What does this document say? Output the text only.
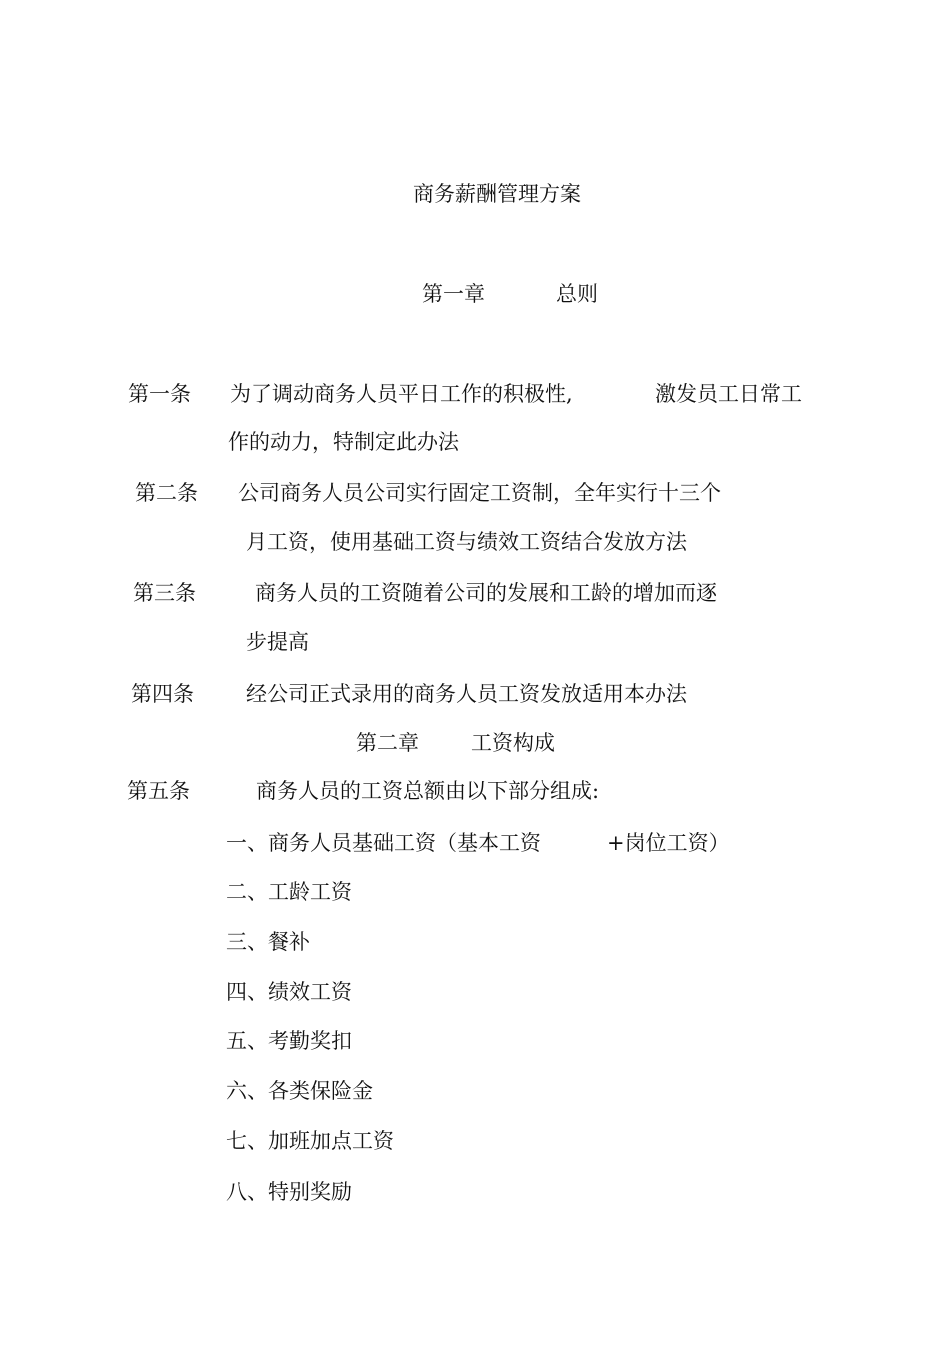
商务薪酬管理方案
第一章	总则
第一条 为了调动商务人员平日工作的积极性,	激发员工日常工
作的动力，特制定此办法
第二条 公司商务人员公司实行固定工资制，全年实行十三个
月工资，使用基础工资与绩效工资结合发放方法
第三条	商务人员的工资随着公司的发展和工龄的增加而逐
步提高
第四条 经公司正式录用的商务人员工资发放适用本办法
第二章 工资构成
第五条	商务人员的工资总额由以下部分组成:
一、商务人员基础工资（基本工资	+岗位工资）
二、工龄工资
三、餐补
四、绩效工资
五、考勤奖扣
六、各类保险金
七、加班加点工资
八、特别奖励
